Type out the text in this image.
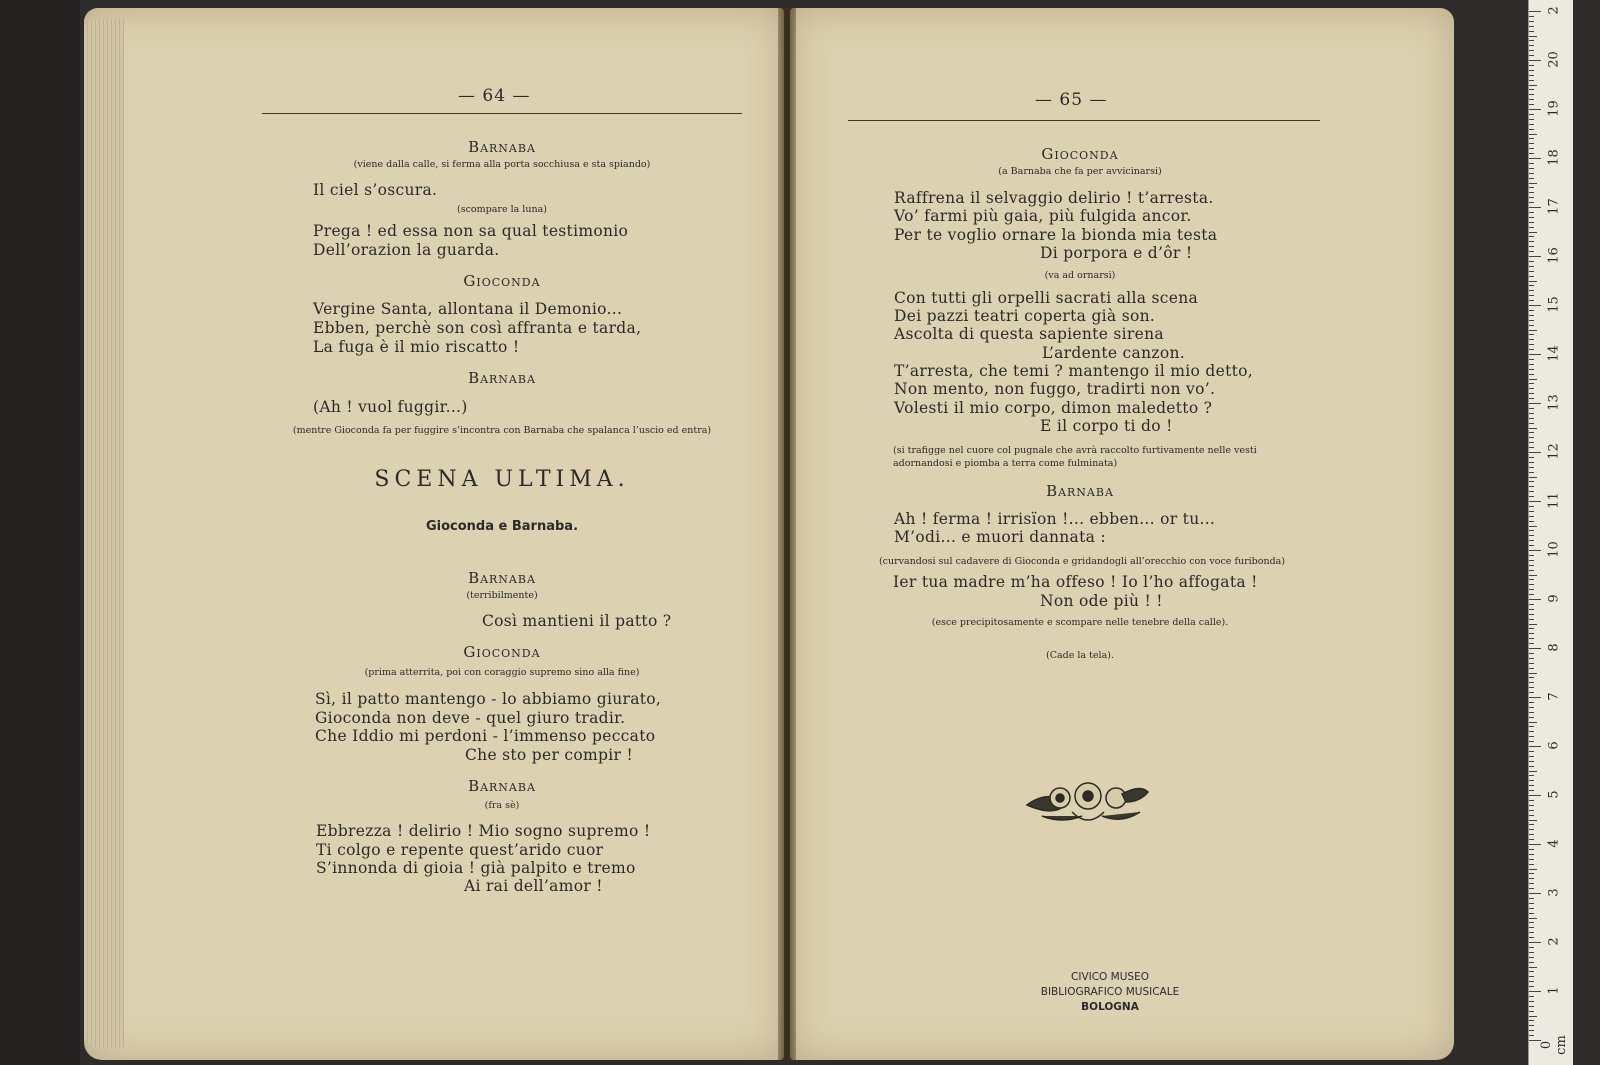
— 64 —
Barnaba
(viene dalla calle, si ferma alla porta socchiusa e sta spiando)
Il ciel s’oscura.
(scompare la luna)
Prega ! ed essa non sa qual testimonio
Dell’orazion la guarda.
Gioconda
Vergine Santa, allontana il Demonio...
Ebben, perchè son così affranta e tarda,
La fuga è il mio riscatto !
Barnaba
(Ah ! vuol fuggir...)
(mentre Gioconda fa per fuggire s’incontra con Barnaba che spalanca l’uscio ed entra)
SCENA ULTIMA.
Gioconda e Barnaba.
Barnaba
(terribilmente)
Così mantieni il patto ?
Gioconda
(prima atterrita, poi con coraggio supremo sino alla fine)
Sì, il patto mantengo - lo abbiamo giurato,
Gioconda non deve - quel giuro tradir.
Che Iddio mi perdoni - l’immenso peccato
Che sto per compir !
Barnaba
(fra sè)
Ebbrezza ! delirio ! Mio sogno supremo !
Ti colgo e repente quest’arido cuor
S’innonda di gioia ! già palpito e tremo
Ai rai dell’amor !
— 65 —
Gioconda
(a Barnaba che fa per avvicinarsi)
Raffrena il selvaggio delirio ! t’arresta.
Vo’ farmi più gaia, più fulgida ancor.
Per te voglio ornare la bionda mia testa
Di porpora e d’ôr !
(va ad ornarsi)
Con tutti gli orpelli sacrati alla scena
Dei pazzi teatri coperta già son.
Ascolta di questa sapiente sirena
L’ardente canzon.
T’arresta, che temi ? mantengo il mio detto,
Non mento, non fuggo, tradirti non vo’.
Volesti il mio corpo, dimon maledetto ?
E il corpo ti do !
(si trafigge nel cuore col pugnale che avrà raccolto furtivamente nelle vesti adornandosi e piomba a terra come fulminata)
Barnaba
Ah ! ferma ! irrisïon !... ebben... or tu...
M’odi... e muori dannata :
(curvandosi sul cadavere di Gioconda e gridandogli all’orecchio con voce furibonda)
Ier tua madre m’ha offeso ! Io l’ho affogata !
Non ode più ! !
(esce precipitosamente e scompare nelle tenebre della calle).
(Cade la tela).
CIVICO MUSEO
BIBLIOGRAFICO MUSICALE
BOLOGNA
0 cm
1
2
3
4
5
6
7
8
9
10
11
12
13
14
15
16
17
18
19
20
2
